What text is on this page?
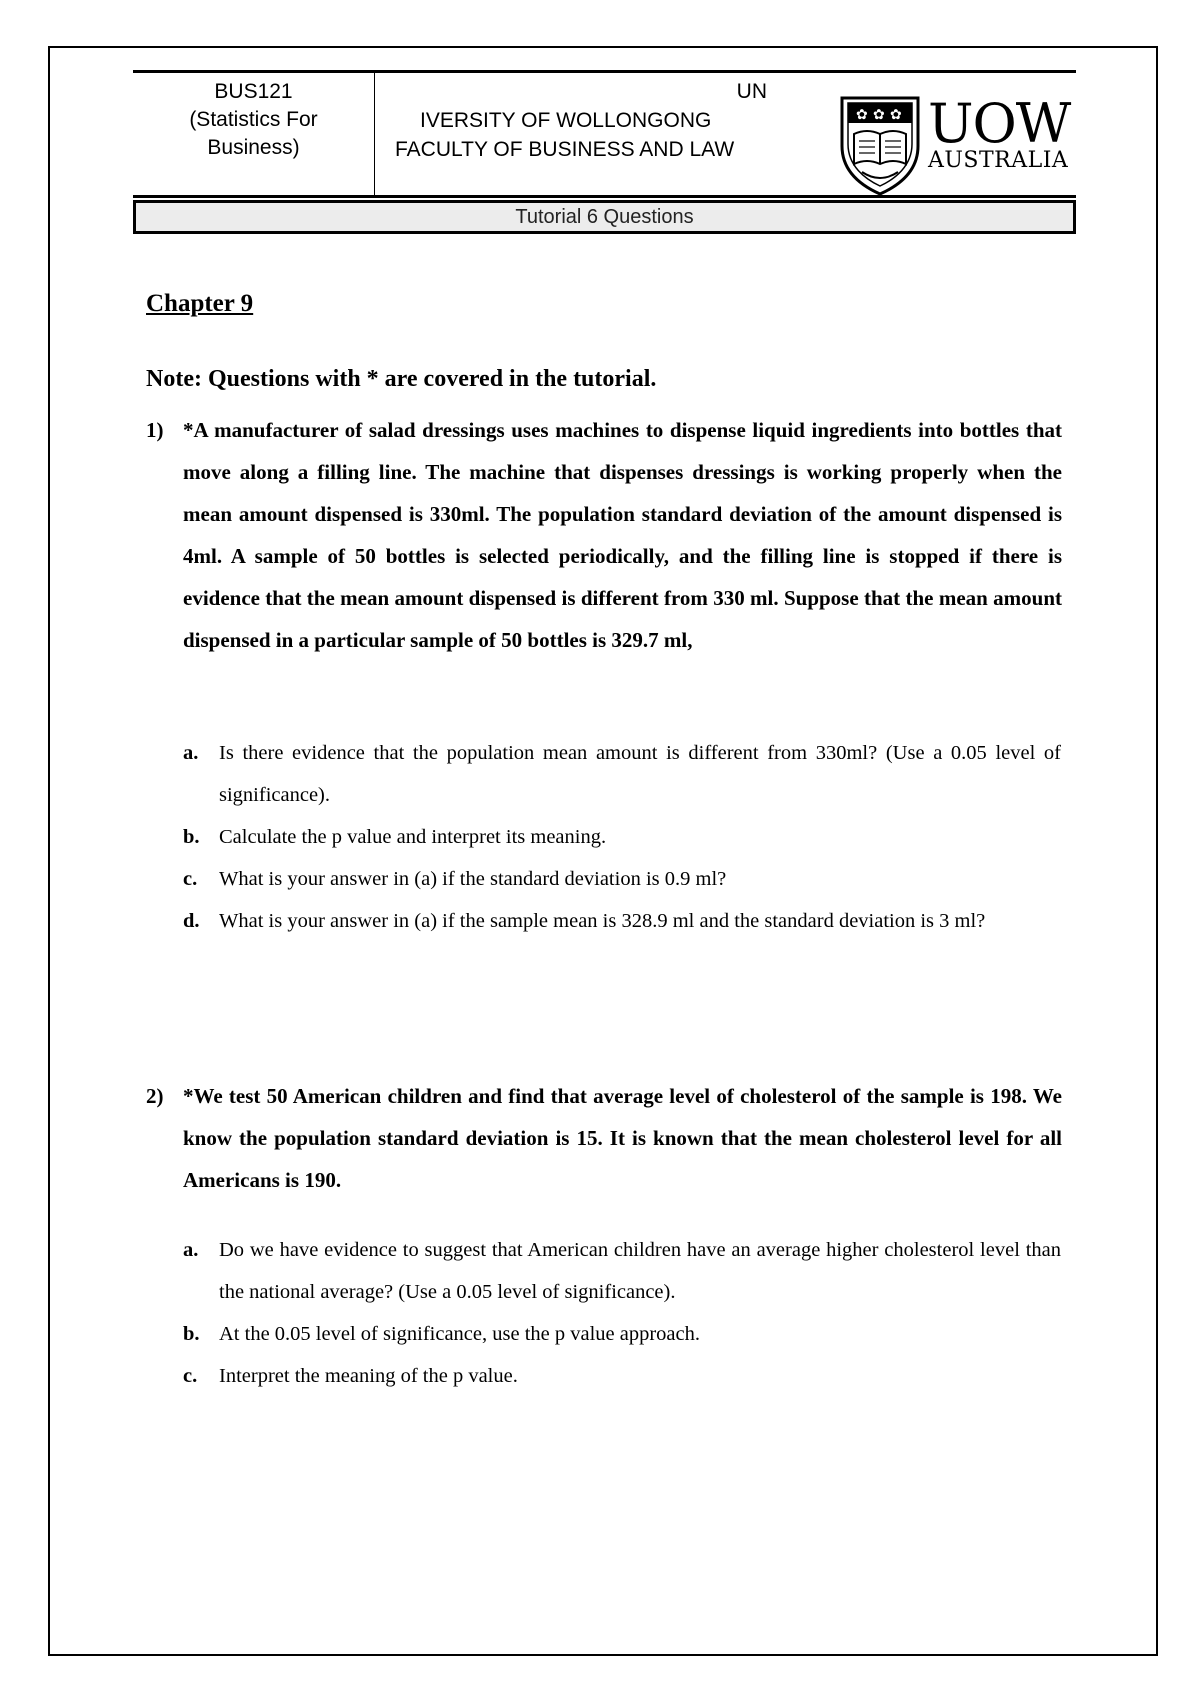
BUS121
(Statistics For
Business)
UN
IVERSITY OF WOLLONGONG
FACULTY OF BUSINESS AND LAW
✿ ✿ ✿ UOW
AUSTRALIA
Tutorial 6 Questions
Chapter 9
Note: Questions with * are covered in the tutorial.
1) *A manufacturer of salad dressings uses machines to dispense liquid ingredients into bottles that move along a filling line. The machine that dispenses dressings is working properly when the mean amount dispensed is 330ml. The population standard deviation of the amount dispensed is 4ml. A sample of 50 bottles is selected periodically, and the filling line is stopped if there is evidence that the mean amount dispensed is different from 330 ml. Suppose that the mean amount dispensed in a particular sample of 50 bottles is 329.7 ml,
a. Is there evidence that the population mean amount is different from 330ml? (Use a 0.05 level of significance).
b. Calculate the p value and interpret its meaning.
c. What is your answer in (a) if the standard deviation is 0.9 ml?
d. What is your answer in (a) if the sample mean is 328.9 ml and the standard deviation is 3 ml?
2) *We test 50 American children and find that average level of cholesterol of the sample is 198. We know the population standard deviation is 15. It is known that the mean cholesterol level for all Americans is 190.
a. Do we have evidence to suggest that American children have an average higher cholesterol level than the national average? (Use a 0.05 level of significance).
b. At the 0.05 level of significance, use the p value approach.
c. Interpret the meaning of the p value.
